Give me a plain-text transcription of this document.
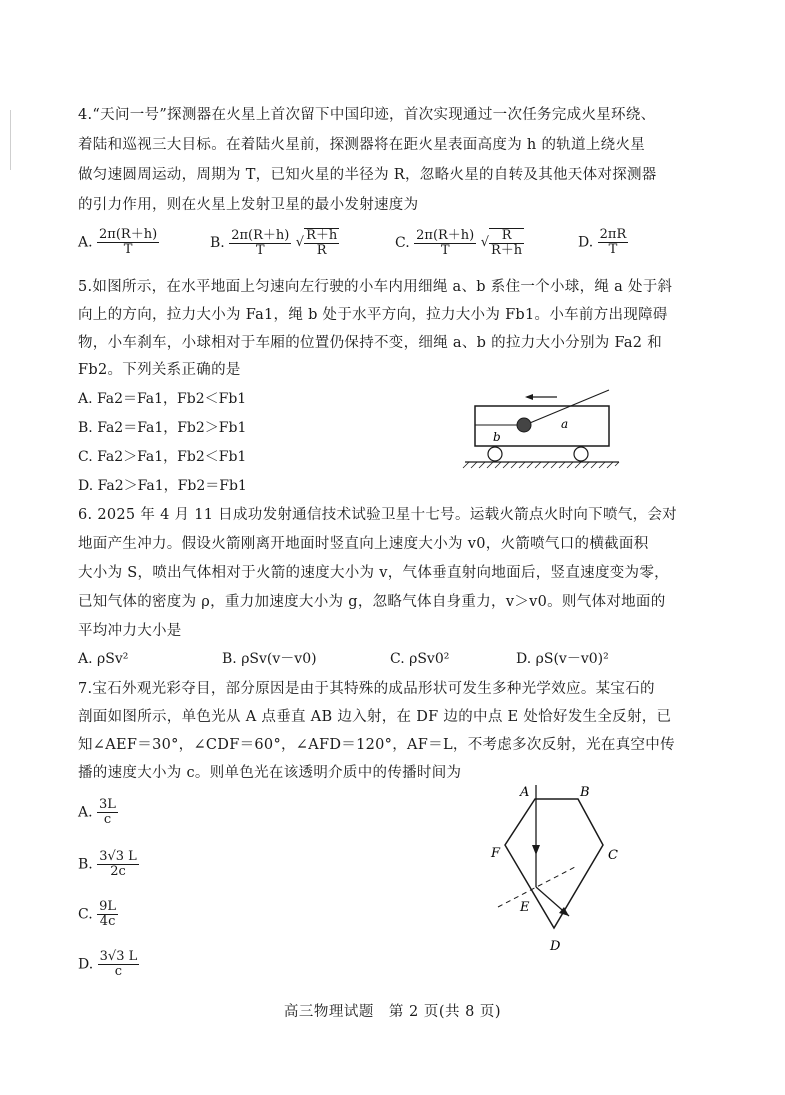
4.“天问一号”探测器在火星上首次留下中国印迹，首次实现通过一次任务完成火星环绕、
着陆和巡视三大目标。在着陆火星前，探测器将在距火星表面高度为 h 的轨道上绕火星
做匀速圆周运动，周期为 T，已知火星的半径为 R，忽略火星的自转及其他天体对探测器
的引力作用，则在火星上发射卫星的最小发射速度为
A. $\frac{2\pi(R+h)}{T}$	B. $\frac{2\pi(R+h)}{T}$ √ $\frac{R+h}{R}$	C. $\frac{2\pi(R+h)}{T}$ √ $\frac{R}{R+h}$	D. $\frac{2\pi R}{T}$
5.如图所示，在水平地面上匀速向左行驶的小车内用细绳 a、b 系住一个小球，绳 a 处于斜
向上的方向，拉力大小为 Fa1，绳 b 处于水平方向，拉力大小为 Fb1。小车前方出现障碍
物，小车刹车，小球相对于车厢的位置仍保持不变，细绳 a、b 的拉力大小分别为 Fa2 和
Fb2。下列关系正确的是
A. Fa2＝Fa1，Fb2＜Fb1
B. Fa2＝Fa1，Fb2＞Fb1
C. Fa2＞Fa1，Fb2＜Fb1
D. Fa2＞Fa1，Fb2＝Fb1
a
b
6. 2025 年 4 月 11 日成功发射通信技术试验卫星十七号。运载火箭点火时向下喷气，会对
地面产生冲力。假设火箭刚离开地面时竖直向上速度大小为 v0，火箭喷气口的横截面积
大小为 S，喷出气体相对于火箭的速度大小为 v，气体垂直射向地面后，竖直速度变为零，
已知气体的密度为 ρ，重力加速度大小为 g，忽略气体自身重力，v＞v0。则气体对地面的
平均冲力大小是
A. ρSv²	B. ρSv(v－v0)	C. ρSv0²	D. ρS(v－v0)²
7.宝石外观光彩夺目，部分原因是由于其特殊的成品形状可发生多种光学效应。某宝石的
剖面如图所示，单色光从 A 点垂直 AB 边入射，在 DF 边的中点 E 处恰好发生全反射，已
知∠AEF＝30°，∠CDF＝60°，∠AFD＝120°，AF＝L，不考虑多次反射，光在真空中传
播的速度大小为 c。则单色光在该透明介质中的传播时间为
A. $\frac{3L}{c}$
B. $\frac{3√3 L}{2c}$
C. $\frac{9L}{4c}$
D. $\frac{3√3 L}{c}$
A	B
C
D
E
F
高三物理试题　第 2 页(共 8 页)
